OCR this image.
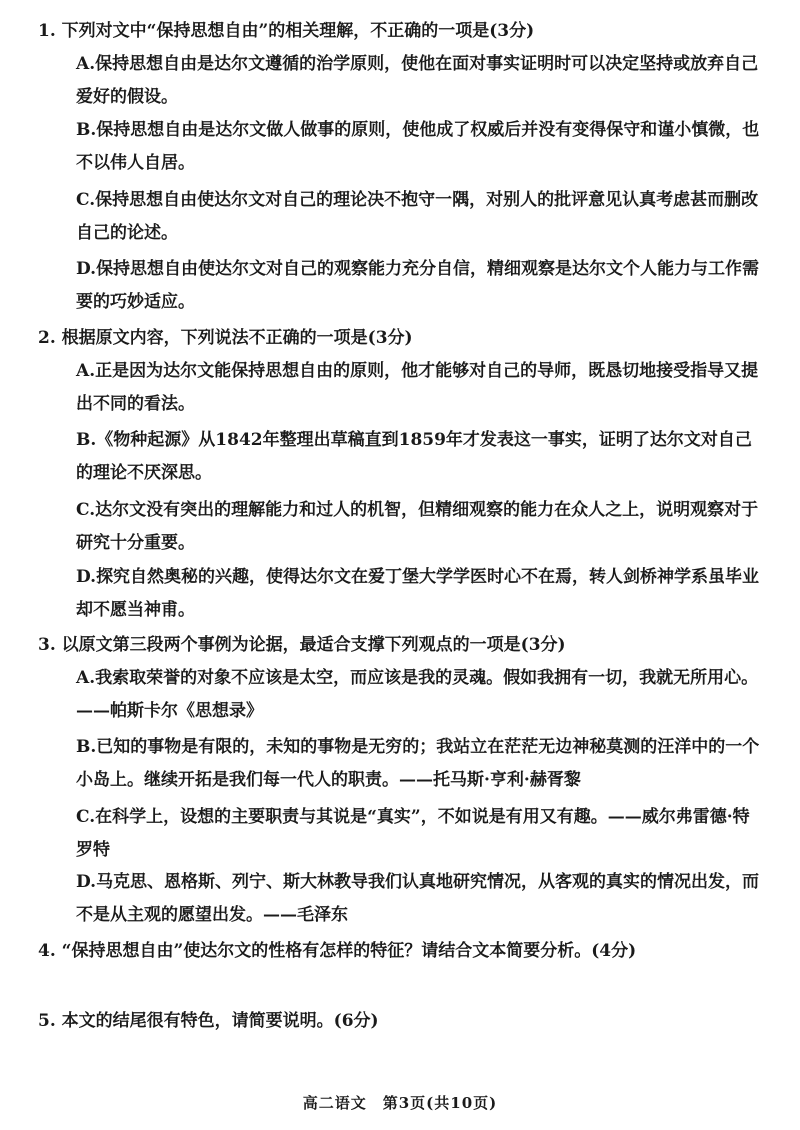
1. 下列对文中“保持思想自由”的相关理解，不正确的一项是(3分)
A.保持思想自由是达尔文遵循的治学原则，使他在面对事实证明时可以决定坚持或放弃自己爱好的假设。
B.保持思想自由是达尔文做人做事的原则，使他成了权威后并没有变得保守和谨小慎微，也不以伟人自居。
C.保持思想自由使达尔文对自己的理论决不抱守一隅，对别人的批评意见认真考虑甚而删改自己的论述。
D.保持思想自由使达尔文对自己的观察能力充分自信，精细观察是达尔文个人能力与工作需要的巧妙适应。
2. 根据原文内容，下列说法不正确的一项是(3分)
A.正是因为达尔文能保持思想自由的原则，他才能够对自己的导师，既恳切地接受指导又提出不同的看法。
B.《物种起源》从1842年整理出草稿直到1859年才发表这一事实，证明了达尔文对自己的理论不厌深思。
C.达尔文没有突出的理解能力和过人的机智，但精细观察的能力在众人之上，说明观察对于研究十分重要。
D.探究自然奥秘的兴趣，使得达尔文在爱丁堡大学学医时心不在焉，转人剑桥神学系虽毕业却不愿当神甫。
3. 以原文第三段两个事例为论据，最适合支撑下列观点的一项是(3分)
A.我索取荣誉的对象不应该是太空，而应该是我的灵魂。假如我拥有一切，我就无所用心。——帕斯卡尔《思想录》
B.已知的事物是有限的，未知的事物是无穷的；我站立在茫茫无边神秘莫测的汪洋中的一个小岛上。继续开拓是我们每一代人的职责。——托马斯·亨利·赫胥黎
C.在科学上，设想的主要职责与其说是“真实”，不如说是有用又有趣。——威尔弗雷德·特罗特
D.马克思、恩格斯、列宁、斯大林教导我们认真地研究情况，从客观的真实的情况出发，而不是从主观的愿望出发。——毛泽东
4. “保持思想自由”使达尔文的性格有怎样的特征？请结合文本简要分析。(4分)
5. 本文的结尾很有特色，请简要说明。(6分)
高二语文　第3页(共10页)
